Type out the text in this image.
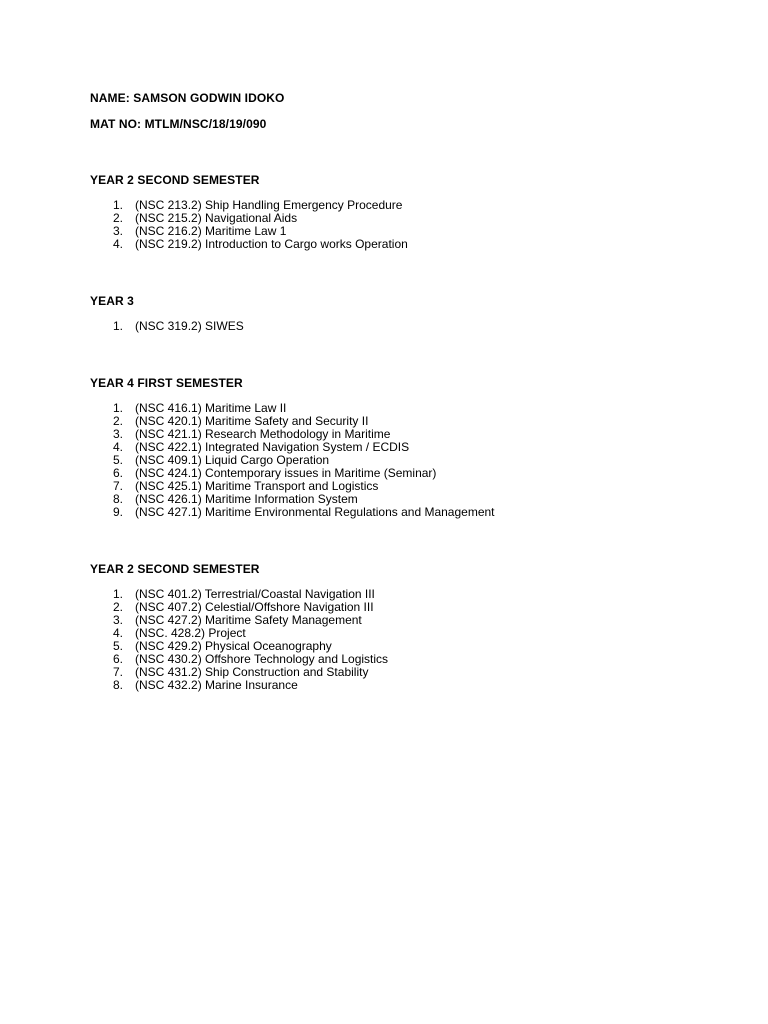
NAME: SAMSON GODWIN IDOKO

MAT NO: MTLM/NSC/18/19/090

YEAR 2 SECOND SEMESTER

1. (NSC 213.2) Ship Handling Emergency Procedure
2. (NSC 215.2) Navigational Aids
3. (NSC 216.2) Maritime Law 1
4. (NSC 219.2) Introduction to Cargo works Operation

YEAR 3

1. (NSC 319.2) SIWES

YEAR 4 FIRST SEMESTER

1. (NSC 416.1) Maritime Law II
2. (NSC 420.1) Maritime Safety and Security II
3. (NSC 421.1) Research Methodology in Maritime
4. (NSC 422.1) Integrated Navigation System / ECDIS
5. (NSC 409.1) Liquid Cargo Operation
6. (NSC 424.1) Contemporary issues in Maritime (Seminar)
7. (NSC 425.1) Maritime Transport and Logistics
8. (NSC 426.1) Maritime Information System
9. (NSC 427.1) Maritime Environmental Regulations and Management

YEAR 2 SECOND SEMESTER

1. (NSC 401.2) Terrestrial/Coastal Navigation III
2. (NSC 407.2) Celestial/Offshore Navigation III
3. (NSC 427.2) Maritime Safety Management
4. (NSC. 428.2) Project
5. (NSC 429.2) Physical Oceanography
6. (NSC 430.2) Offshore Technology and Logistics
7. (NSC 431.2) Ship Construction and Stability
8. (NSC 432.2) Marine Insurance
